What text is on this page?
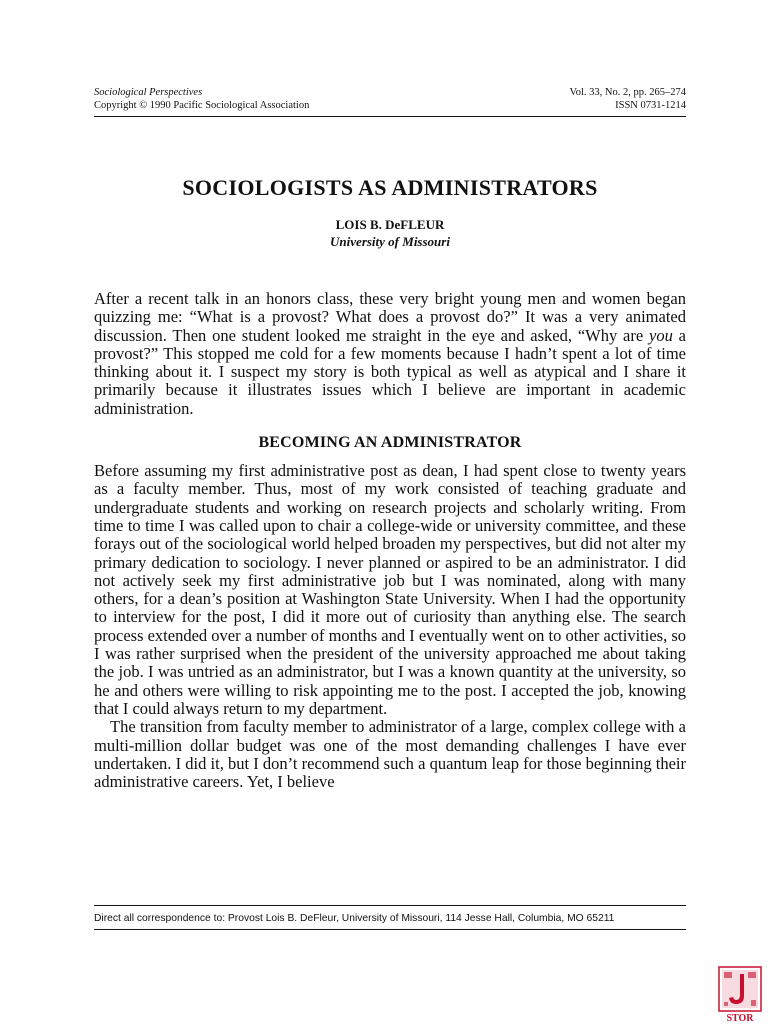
Sociological Perspectives	Vol. 33, No. 2, pp. 265–274
Copyright © 1990 Pacific Sociological Association	ISSN 0731-1214
SOCIOLOGISTS AS ADMINISTRATORS
LOIS B. DeFLEUR
University of Missouri

After a recent talk in an honors class, these very bright young men and women began quizzing me: “What is a provost? What does a provost do?” It was a very animated discussion. Then one student looked me straight in the eye and asked, “Why are you a provost?” This stopped me cold for a few moments because I hadn’t spent a lot of time thinking about it. I suspect my story is both typical as well as atypical and I share it primarily because it illustrates issues which I believe are important in academic administration.

BECOMING AN ADMINISTRATOR

Before assuming my first administrative post as dean, I had spent close to twenty years as a faculty member. Thus, most of my work consisted of teaching graduate and undergraduate students and working on research projects and scholarly writing. From time to time I was called upon to chair a college-wide or university committee, and these forays out of the sociological world helped broaden my perspectives, but did not alter my primary dedication to sociology. I never planned or aspired to be an administrator. I did not actively seek my first administrative job but I was nominated, along with many others, for a dean’s position at Washington State University. When I had the opportunity to interview for the post, I did it more out of curiosity than anything else. The search process extended over a number of months and I eventually went on to other activities, so I was rather surprised when the president of the university approached me about taking the job. I was untried as an administrator, but I was a known quantity at the university, so he and others were willing to risk appointing me to the post. I accepted the job, knowing that I could always return to my department.

The transition from faculty member to administrator of a large, complex college with a multi-million dollar budget was one of the most demanding challenges I have ever undertaken. I did it, but I don’t recommend such a quantum leap for those beginning their administrative careers. Yet, I believe

Direct all correspondence to: Provost Lois B. DeFleur, University of Missouri, 114 Jesse Hall, Columbia, MO 65211
STOR
